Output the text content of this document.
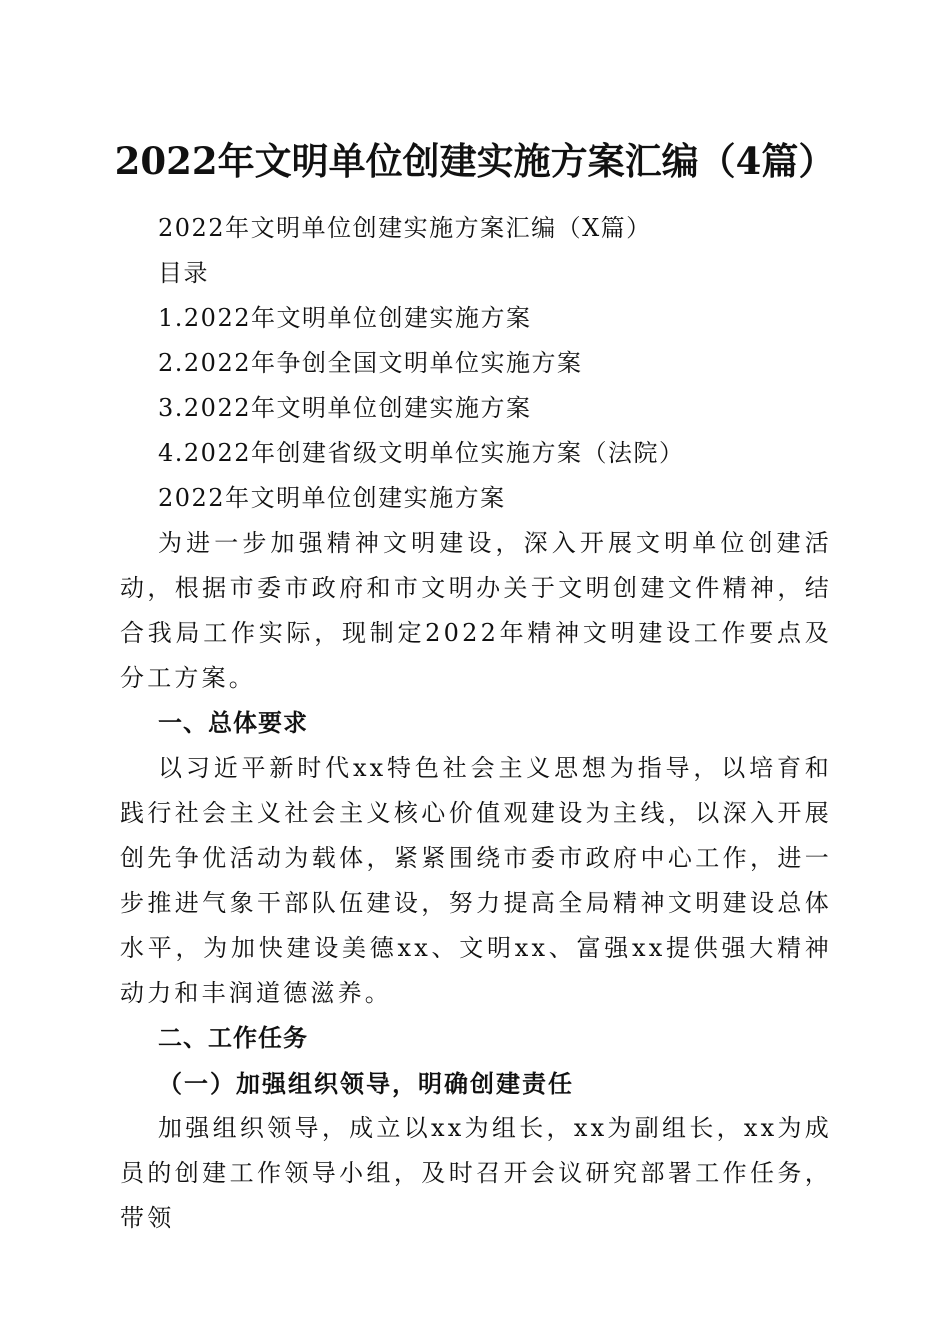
2022年文明单位创建实施方案汇编（4篇）

2022年文明单位创建实施方案汇编（X篇）

目录

1.2022年文明单位创建实施方案

2.2022年争创全国文明单位实施方案

3.2022年文明单位创建实施方案

4.2022年创建省级文明单位实施方案（法院）

2022年文明单位创建实施方案

为进一步加强精神文明建设，深入开展文明单位创建活动，根据市委市政府和市文明办关于文明创建文件精神，结合我局工作实际，现制定2022年精神文明建设工作要点及分工方案。

一、总体要求

以习近平新时代xx特色社会主义思想为指导，以培育和践行社会主义社会主义核心价值观建设为主线，以深入开展创先争优活动为载体，紧紧围绕市委市政府中心工作，进一步推进气象干部队伍建设，努力提高全局精神文明建设总体水平，为加快建设美德xx、文明xx、富强xx提供强大精神动力和丰润道德滋养。

二、工作任务

（一）加强组织领导，明确创建责任

加强组织领导，成立以xx为组长，xx为副组长，xx为成员的创建工作领导小组，及时召开会议研究部署工作任务，带领
